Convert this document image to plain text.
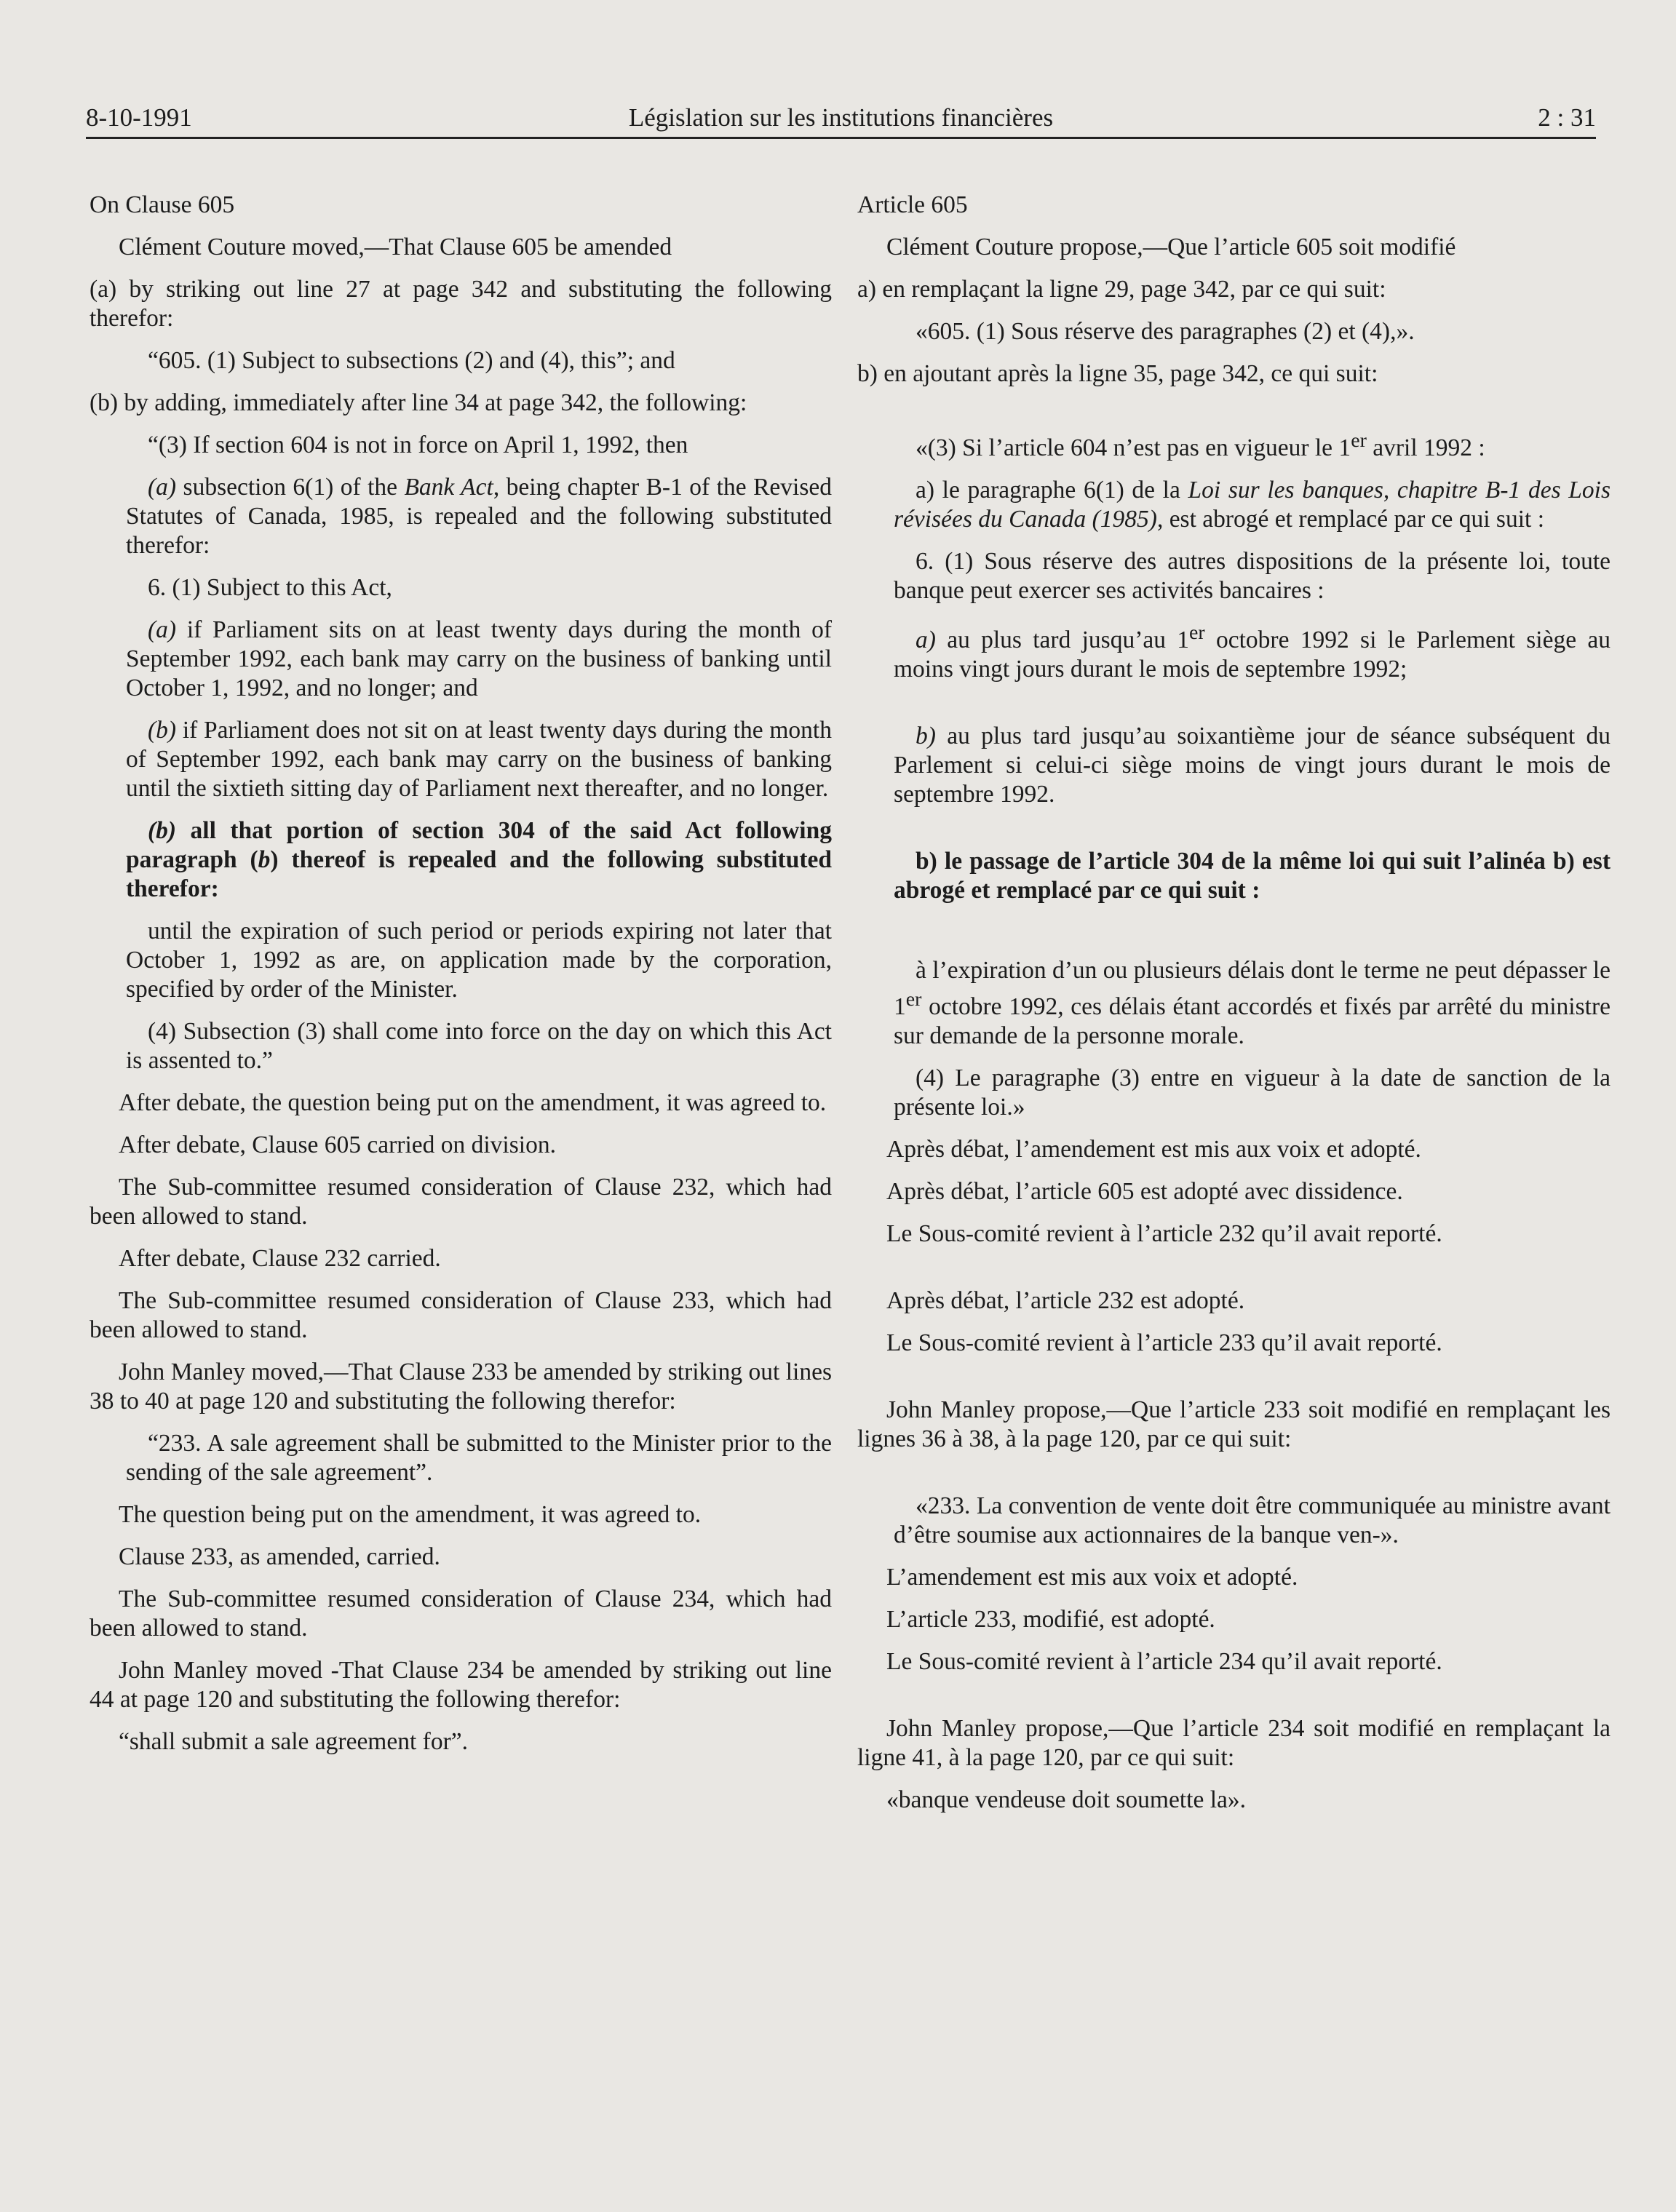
8-10-1991	Législation sur les institutions financières	2 : 31

On Clause 605

Clément Couture moved,—That Clause 605 be amended

(a) by striking out line 27 at page 342 and substituting the following therefor:

“605. (1) Subject to subsections (2) and (4), this”; and

(b) by adding, immediately after line 34 at page 342, the following:

“(3) If section 604 is not in force on April 1, 1992, then

(a) subsection 6(1) of the Bank Act, being chapter B-1 of the Revised Statutes of Canada, 1985, is repealed and the following substituted therefor:

6. (1) Subject to this Act,

(a) if Parliament sits on at least twenty days during the month of September 1992, each bank may carry on the business of banking until October 1, 1992, and no longer; and

(b) if Parliament does not sit on at least twenty days during the month of September 1992, each bank may carry on the business of banking until the sixtieth sitting day of Parliament next thereafter, and no longer.

(b) all that portion of section 304 of the said Act following paragraph (b) thereof is repealed and the following substituted therefor:

until the expiration of such period or periods expiring not later that October 1, 1992 as are, on application made by the corporation, specified by order of the Minister.

(4) Subsection (3) shall come into force on the day on which this Act is assented to.”

After debate, the question being put on the amendment, it was agreed to.

After debate, Clause 605 carried on division.

The Sub-committee resumed consideration of Clause 232, which had been allowed to stand.

After debate, Clause 232 carried.

The Sub-committee resumed consideration of Clause 233, which had been allowed to stand.

John Manley moved,—That Clause 233 be amended by striking out lines 38 to 40 at page 120 and substituting the following therefor:

“233. A sale agreement shall be submitted to the Minister prior to the sending of the sale agreement”.

The question being put on the amendment, it was agreed to.

Clause 233, as amended, carried.

The Sub-committee resumed consideration of Clause 234, which had been allowed to stand.

John Manley moved -That Clause 234 be amended by striking out line 44 at page 120 and substituting the following therefor:

“shall submit a sale agreement for”.

Article 605

Clément Couture propose,—Que l’article 605 soit modifié

a) en remplaçant la ligne 29, page 342, par ce qui suit:

«605. (1) Sous réserve des paragraphes (2) et (4),».

b) en ajoutant après la ligne 35, page 342, ce qui suit:

«(3) Si l’article 604 n’est pas en vigueur le 1er avril 1992 :

a) le paragraphe 6(1) de la Loi sur les banques, chapitre B-1 des Lois révisées du Canada (1985), est abrogé et remplacé par ce qui suit :

6. (1) Sous réserve des autres dispositions de la présente loi, toute banque peut exercer ses activités bancaires :

a) au plus tard jusqu’au 1er octobre 1992 si le Parlement siège au moins vingt jours durant le mois de septembre 1992;

b) au plus tard jusqu’au soixantième jour de séance subséquent du Parlement si celui-ci siège moins de vingt jours durant le mois de septembre 1992.

b) le passage de l’article 304 de la même loi qui suit l’alinéa b) est abrogé et remplacé par ce qui suit :

à l’expiration d’un ou plusieurs délais dont le terme ne peut dépasser le 1er octobre 1992, ces délais étant accordés et fixés par arrêté du ministre sur demande de la personne morale.

(4) Le paragraphe (3) entre en vigueur à la date de sanction de la présente loi.»

Après débat, l’amendement est mis aux voix et adopté.

Après débat, l’article 605 est adopté avec dissidence.

Le Sous-comité revient à l’article 232 qu’il avait reporté.

Après débat, l’article 232 est adopté.

Le Sous-comité revient à l’article 233 qu’il avait reporté.

John Manley propose,—Que l’article 233 soit modifié en remplaçant les lignes 36 à 38, à la page 120, par ce qui suit:

«233. La convention de vente doit être communiquée au ministre avant d’être soumise aux actionnaires de la banque ven-».

L’amendement est mis aux voix et adopté.

L’article 233, modifié, est adopté.

Le Sous-comité revient à l’article 234 qu’il avait reporté.

John Manley propose,—Que l’article 234 soit modifié en remplaçant la ligne 41, à la page 120, par ce qui suit:

«banque vendeuse doit soumette la».
